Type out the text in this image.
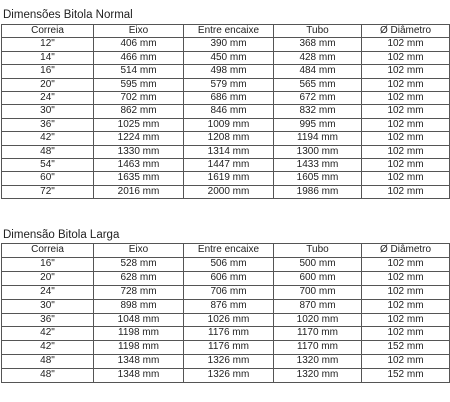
Dimensões Bitola Normal
Correia	Eixo	Entre encaixe	Tubo	Ø Diâmetro
12"	406 mm	390 mm	368 mm	102 mm
14"	466 mm	450 mm	428 mm	102 mm
16"	514 mm	498 mm	484 mm	102 mm
20"	595 mm	579 mm	565 mm	102 mm
24"	702 mm	686 mm	672 mm	102 mm
30"	862 mm	846 mm	832 mm	102 mm
36"	1025 mm	1009 mm	995 mm	102 mm
42"	1224 mm	1208 mm	1194 mm	102 mm
48"	1330 mm	1314 mm	1300 mm	102 mm
54"	1463 mm	1447 mm	1433 mm	102 mm
60"	1635 mm	1619 mm	1605 mm	102 mm
72"	2016 mm	2000 mm	1986 mm	102 mm
Dimensão Bitola Larga
Correia	Eixo	Entre encaixe	Tubo	Ø Diâmetro
16"	528 mm	506 mm	500 mm	102 mm
20"	628 mm	606 mm	600 mm	102 mm
24"	728 mm	706 mm	700 mm	102 mm
30"	898 mm	876 mm	870 mm	102 mm
36"	1048 mm	1026 mm	1020 mm	102 mm
42"	1198 mm	1176 mm	1170 mm	102 mm
42"	1198 mm	1176 mm	1170 mm	152 mm
48"	1348 mm	1326 mm	1320 mm	102 mm
48"	1348 mm	1326 mm	1320 mm	152 mm
